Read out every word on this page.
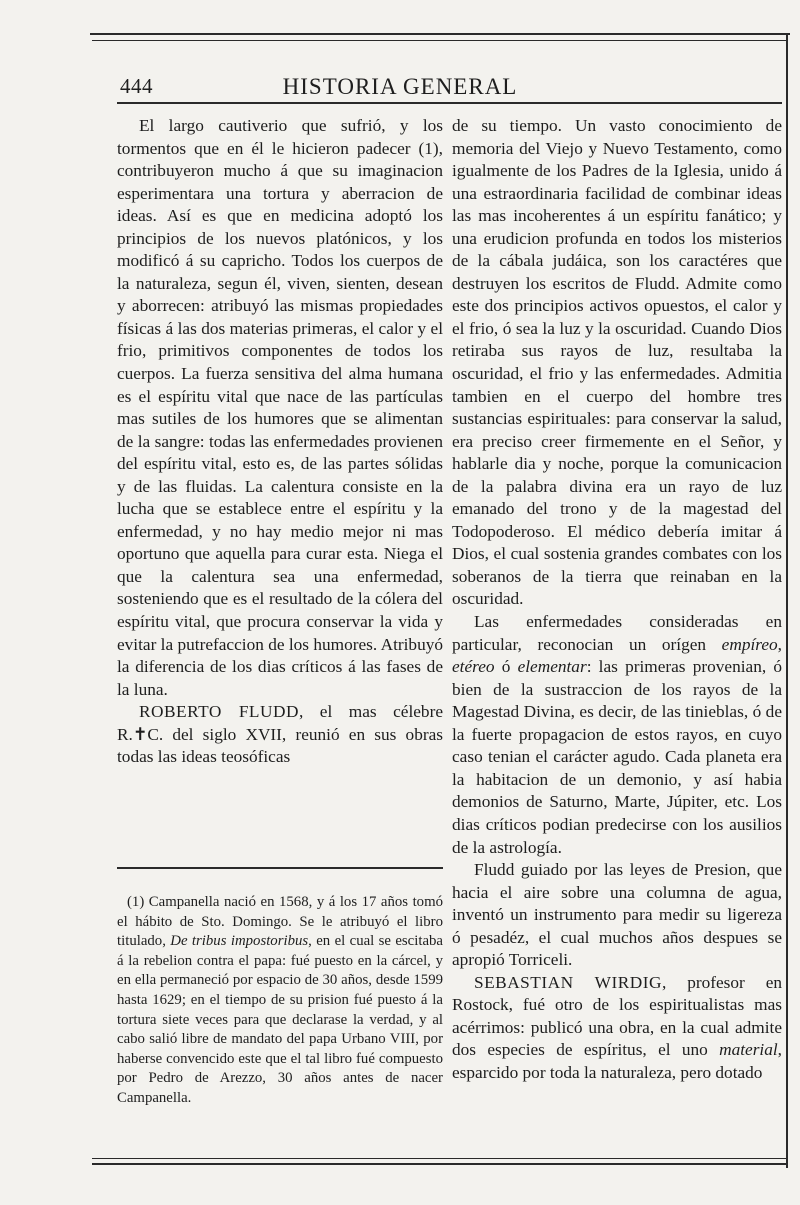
444	HISTORIA GENERAL

El largo cautiverio que sufrió, y los tormentos que en él le hicieron padecer (1), contribuyeron mucho á que su imaginacion esperimentara una tortura y aberracion de ideas. Así es que en medicina adoptó los principios de los nuevos platónicos, y los modificó á su capricho. Todos los cuerpos de la naturaleza, segun él, viven, sienten, desean y aborrecen: atribuyó las mismas propiedades físicas á las dos materias primeras, el calor y el frio, primitivos componentes de todos los cuerpos. La fuerza sensitiva del alma humana es el espíritu vital que nace de las partículas mas sutiles de los humores que se alimentan de la sangre: todas las enfermedades provienen del espíritu vital, esto es, de las partes sólidas y de las fluidas. La calentura consiste en la lucha que se establece entre el espíritu y la enfermedad, y no hay medio mejor ni mas oportuno que aquella para curar esta. Niega el que la calentura sea una enfermedad, sosteniendo que es el resultado de la cólera del espíritu vital, que procura conservar la vida y evitar la putrefaccion de los humores. Atribuyó la diferencia de los dias críticos á las fases de la luna.

ROBERTO FLUDD, el mas célebre R.✝C. del siglo XVII, reunió en sus obras todas las ideas teosóficas

(1) Campanella nació en 1568, y á los 17 años tomó el hábito de Sto. Domingo. Se le atribuyó el libro titulado, De tribus impostoribus, en el cual se escitaba á la rebelion contra el papa: fué puesto en la cárcel, y en ella permaneció por espacio de 30 años, desde 1599 hasta 1629; en el tiempo de su prision fué puesto á la tortura siete veces para que declarase la verdad, y al cabo salió libre de mandato del papa Urbano VIII, por haberse convencido este que el tal libro fué compuesto por Pedro de Arezzo, 30 años antes de nacer Campanella.

de su tiempo. Un vasto conocimiento de memoria del Viejo y Nuevo Testamento, como igualmente de los Padres de la Iglesia, unido á una estraordinaria facilidad de combinar ideas las mas incoherentes á un espíritu fanático; y una erudicion profunda en todos los misterios de la cábala judáica, son los caractéres que destruyen los escritos de Fludd. Admite como este dos principios activos opuestos, el calor y el frio, ó sea la luz y la oscuridad. Cuando Dios retiraba sus rayos de luz, resultaba la oscuridad, el frio y las enfermedades. Admitia tambien en el cuerpo del hombre tres sustancias espirituales: para conservar la salud, era preciso creer firmemente en el Señor, y hablarle dia y noche, porque la comunicacion de la palabra divina era un rayo de luz emanado del trono y de la magestad del Todopoderoso. El médico debería imitar á Dios, el cual sostenia grandes combates con los soberanos de la tierra que reinaban en la oscuridad.

Las enfermedades consideradas en particular, reconocian un orígen empíreo, etéreo ó elementar: las primeras provenian, ó bien de la sustraccion de los rayos de la Magestad Divina, es decir, de las tinieblas, ó de la fuerte propagacion de estos rayos, en cuyo caso tenian el carácter agudo. Cada planeta era la habitacion de un demonio, y así habia demonios de Saturno, Marte, Júpiter, etc. Los dias críticos podian predecirse con los ausilios de la astrología.

Fludd guiado por las leyes de Presion, que hacia el aire sobre una columna de agua, inventó un instrumento para medir su ligereza ó pesadéz, el cual muchos años despues se apropió Torriceli.

SEBASTIAN WIRDIG, profesor en Rostock, fué otro de los espiritualistas mas acérrimos: publicó una obra, en la cual admite dos especies de espíritus, el uno material, esparcido por toda la naturaleza, pero dotado
